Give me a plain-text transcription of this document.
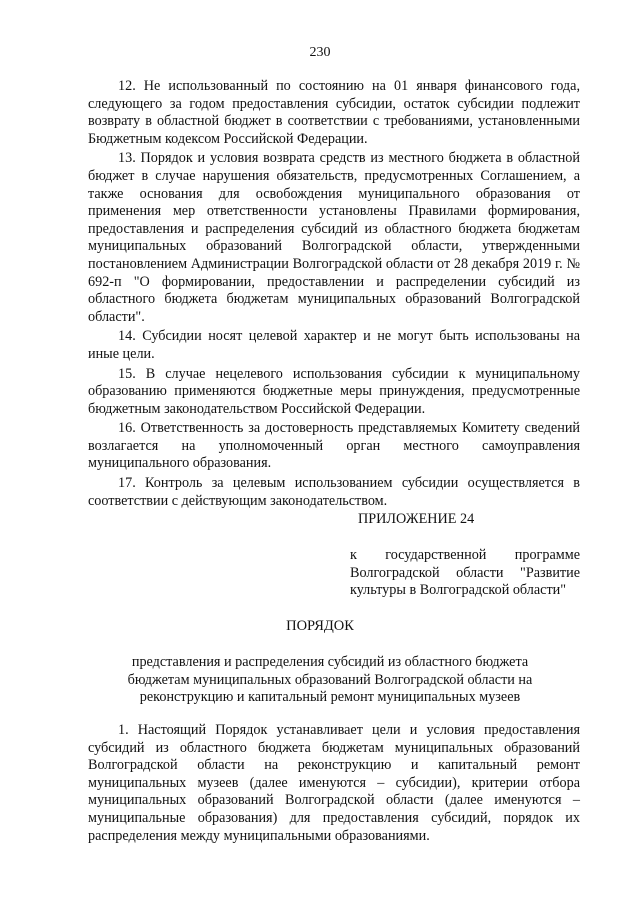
230

12. Не использованный по состоянию на 01 января финансового года, следующего за годом предоставления субсидии, остаток субсидии подлежит возврату в областной бюджет в соответствии с требованиями, установленными Бюджетным кодексом Российской Федерации.

13. Порядок и условия возврата средств из местного бюджета в областной бюджет в случае нарушения обязательств, предусмотренных Соглашением, а также основания для освобождения муниципального образования от применения мер ответственности установлены Правилами формирования, предоставления и распределения субсидий из областного бюджета бюджетам муниципальных образований Волгоградской области, утвержденными постановлением Администрации Волгоградской области от 28 декабря 2019 г. № 692-п "О формировании, предоставлении и распределении субсидий из областного бюджета бюджетам муниципальных образований Волгоградской области".

14. Субсидии носят целевой характер и не могут быть использованы на иные цели.

15. В случае нецелевого использования субсидии к муниципальному образованию применяются бюджетные меры принуждения, предусмотренные бюджетным законодательством Российской Федерации.

16. Ответственность за достоверность представляемых Комитету сведений возлагается на уполномоченный орган местного самоуправления муниципального образования.

17. Контроль за целевым использованием субсидии осуществляется в соответствии с действующим законодательством.

ПРИЛОЖЕНИЕ 24
к государственной программе Волгоградской области "Развитие культуры в Волгоградской области"
ПОРЯДОК

представления и распределения субсидий из областного бюджета бюджетам муниципальных образований Волгоградской области на реконструкцию и капитальный ремонт муниципальных музеев

1. Настоящий Порядок устанавливает цели и условия предоставления субсидий из областного бюджета бюджетам муниципальных образований Волгоградской области на реконструкцию и капитальный ремонт муниципальных музеев (далее именуются – субсидии), критерии отбора муниципальных образований Волгоградской области (далее именуются – муниципальные образования) для предоставления субсидий, порядок их распределения между муниципальными образованиями.
